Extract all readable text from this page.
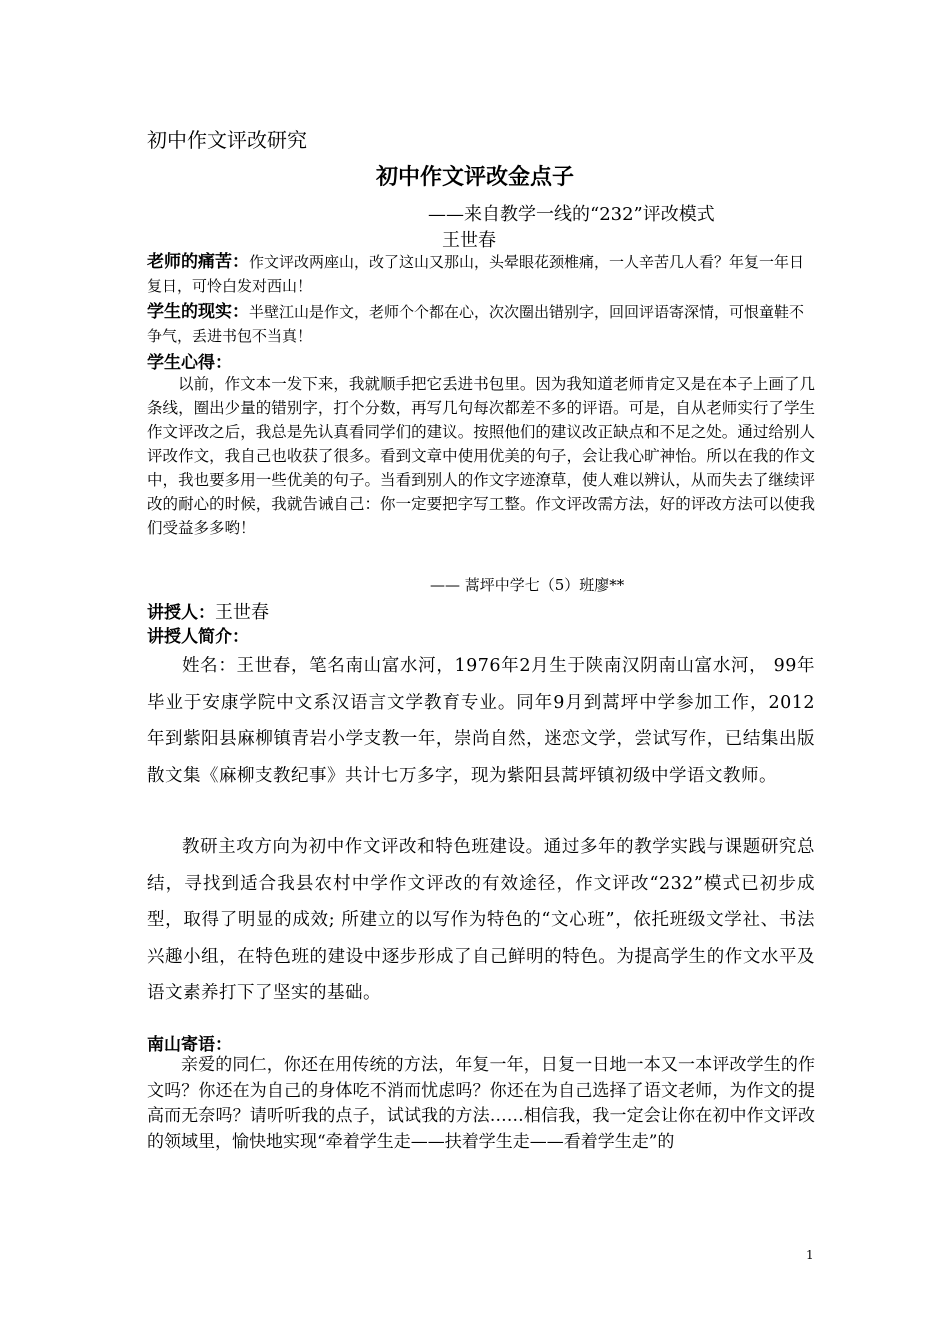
初中作文评改研究
初中作文评改金点子
——来自教学一线的“232”评改模式
王世春
老师的痛苦：作文评改两座山，改了这山又那山，头晕眼花颈椎痛，一人辛苦几人看？年复一年日复日，可怜白发对西山！
学生的现实：半壁江山是作文，老师个个都在心，次次圈出错别字，回回评语寄深情，可恨童鞋不争气，丢进书包不当真！
学生心得：
以前，作文本一发下来，我就顺手把它丢进书包里。因为我知道老师肯定又是在本子上画了几条线，圈出少量的错别字，打个分数，再写几句每次都差不多的评语。可是，自从老师实行了学生作文评改之后，我总是先认真看同学们的建议。按照他们的建议改正缺点和不足之处。通过给别人评改作文，我自己也收获了很多。看到文章中使用优美的句子，会让我心旷神怡。所以在我的作文中，我也要多用一些优美的句子。当看到别人的作文字迹潦草，使人难以辨认，从而失去了继续评改的耐心的时候，我就告诫自己：你一定要把字写工整。作文评改需方法，好的评改方法可以使我们受益多多哟！
—— 蒿坪中学七（5）班廖**
讲授人：王世春
讲授人简介：
姓名：王世春，笔名南山富水河，1976年2月生于陕南汉阴南山富水河， 99年毕业于安康学院中文系汉语言文学教育专业。同年9月到蒿坪中学参加工作，2012年到紫阳县麻柳镇青岩小学支教一年，崇尚自然，迷恋文学，尝试写作，已结集出版散文集《麻柳支教纪事》共计七万多字，现为紫阳县蒿坪镇初级中学语文教师。
教研主攻方向为初中作文评改和特色班建设。通过多年的教学实践与课题研究总结，寻找到适合我县农村中学作文评改的有效途径，作文评改“232”模式已初步成型，取得了明显的成效; 所建立的以写作为特色的“文心班”，依托班级文学社、书法兴趣小组，在特色班的建设中逐步形成了自己鲜明的特色。为提高学生的作文水平及语文素养打下了坚实的基础。
南山寄语：
亲爱的同仁，你还在用传统的方法，年复一年，日复一日地一本又一本评改学生的作文吗？你还在为自己的身体吃不消而忧虑吗？你还在为自己选择了语文老师，为作文的提高而无奈吗？请听听我的点子，试试我的方法……相信我，我一定会让你在初中作文评改的领域里，愉快地实现“牵着学生走——扶着学生走——看着学生走”的
1
